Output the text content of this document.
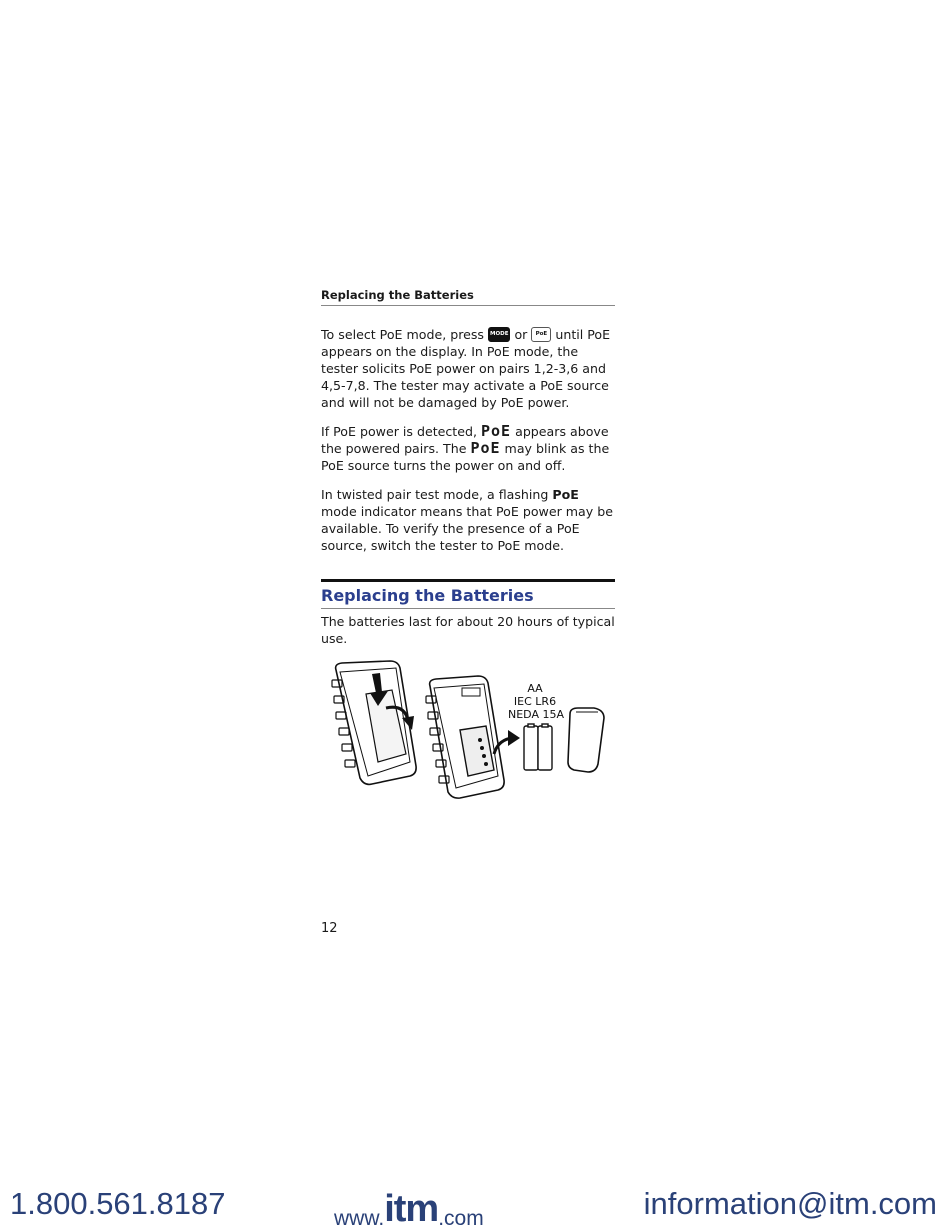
Replacing the Batteries

To select PoE mode, press MODE or PoE until PoE appears on the display. In PoE mode, the tester solicits PoE power on pairs 1,2-3,6 and 4,5-7,8. The tester may activate a PoE source and will not be damaged by PoE power.

If PoE power is detected, PoE appears above the powered pairs. The PoE may blink as the PoE source turns the power on and off.

In twisted pair test mode, a flashing PoE mode indicator means that PoE power may be available. To verify the presence of a PoE source, switch the tester to PoE mode.

Replacing the Batteries

The batteries last for about 20 hours of typical use.

AA
IEC LR6
NEDA 15A
12
1.800.561.8187	www.itm.com	information@itm.com
